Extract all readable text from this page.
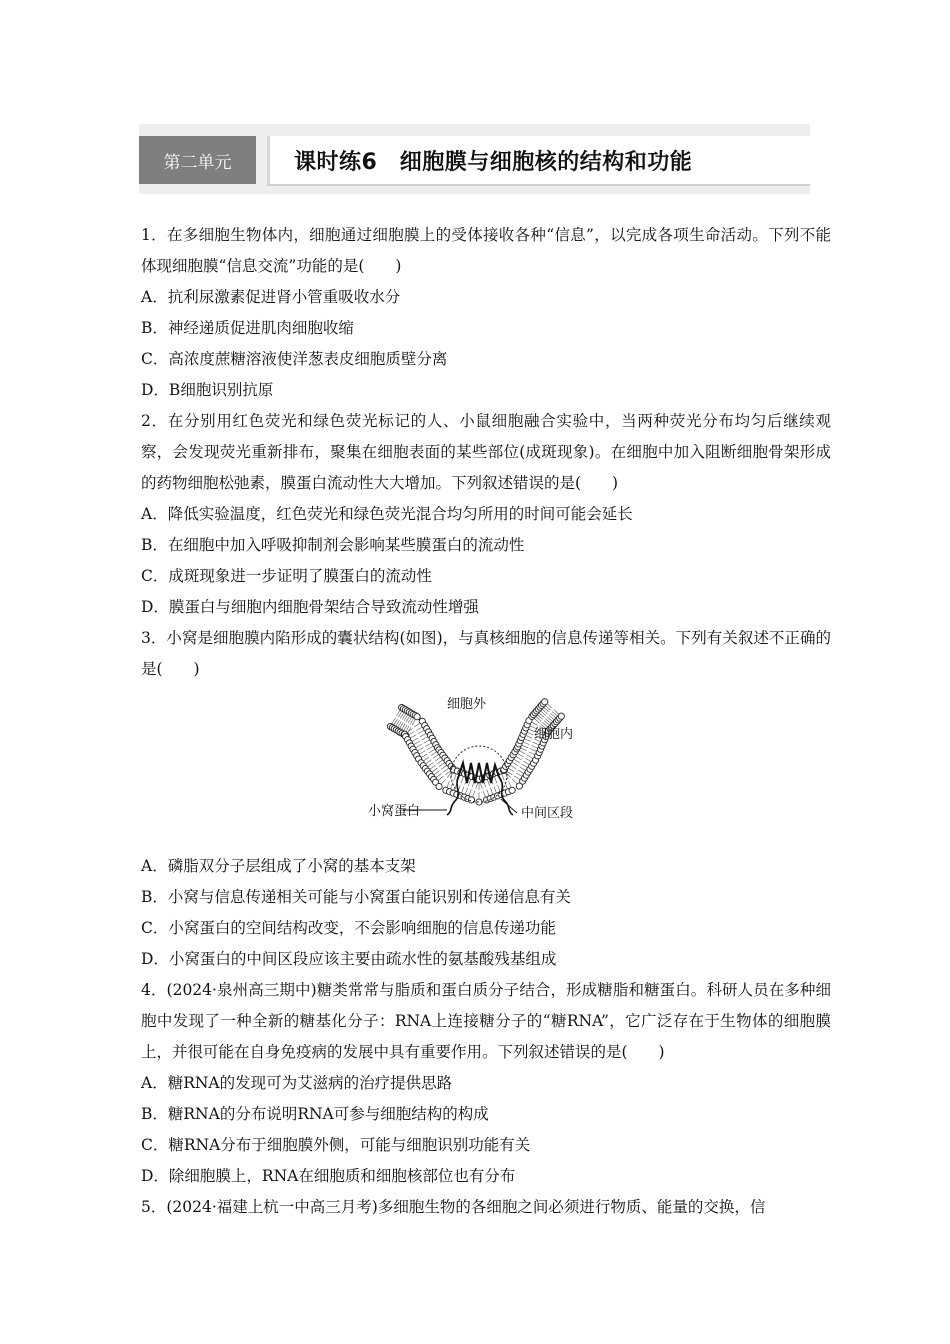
第二单元	课时练6　细胞膜与细胞核的结构和功能

1．在多细胞生物体内，细胞通过细胞膜上的受体接收各种“信息”，以完成各项生命活动。下列不能体现细胞膜“信息交流”功能的是(　　)

A．抗利尿激素促进肾小管重吸收水分

B．神经递质促进肌肉细胞收缩

C．高浓度蔗糖溶液使洋葱表皮细胞质壁分离

D．B细胞识别抗原

2．在分别用红色荧光和绿色荧光标记的人、小鼠细胞融合实验中，当两种荧光分布均匀后继续观察，会发现荧光重新排布，聚集在细胞表面的某些部位(成斑现象)。在细胞中加入阻断细胞骨架形成的药物细胞松弛素，膜蛋白流动性大大增加。下列叙述错误的是(　　)

A．降低实验温度，红色荧光和绿色荧光混合均匀所用的时间可能会延长

B．在细胞中加入呼吸抑制剂会影响某些膜蛋白的流动性

C．成斑现象进一步证明了膜蛋白的流动性

D．膜蛋白与细胞内细胞骨架结合导致流动性增强

3．小窝是细胞膜内陷形成的囊状结构(如图)，与真核细胞的信息传递等相关。下列有关叙述不正确的是(　　)

细胞外
细胞内
小窝蛋白	中间区段

A．磷脂双分子层组成了小窝的基本支架

B．小窝与信息传递相关可能与小窝蛋白能识别和传递信息有关

C．小窝蛋白的空间结构改变，不会影响细胞的信息传递功能

D．小窝蛋白的中间区段应该主要由疏水性的氨基酸残基组成

4．(2024·泉州高三期中)糖类常常与脂质和蛋白质分子结合，形成糖脂和糖蛋白。科研人员在多种细胞中发现了一种全新的糖基化分子：RNA上连接糖分子的“糖RNA”，它广泛存在于生物体的细胞膜上，并很可能在自身免疫病的发展中具有重要作用。下列叙述错误的是(　　)

A．糖RNA的发现可为艾滋病的治疗提供思路

B．糖RNA的分布说明RNA可参与细胞结构的构成

C．糖RNA分布于细胞膜外侧，可能与细胞识别功能有关

D．除细胞膜上，RNA在细胞质和细胞核部位也有分布

5．(2024·福建上杭一中高三月考)多细胞生物的各细胞之间必须进行物质、能量的交换，信
